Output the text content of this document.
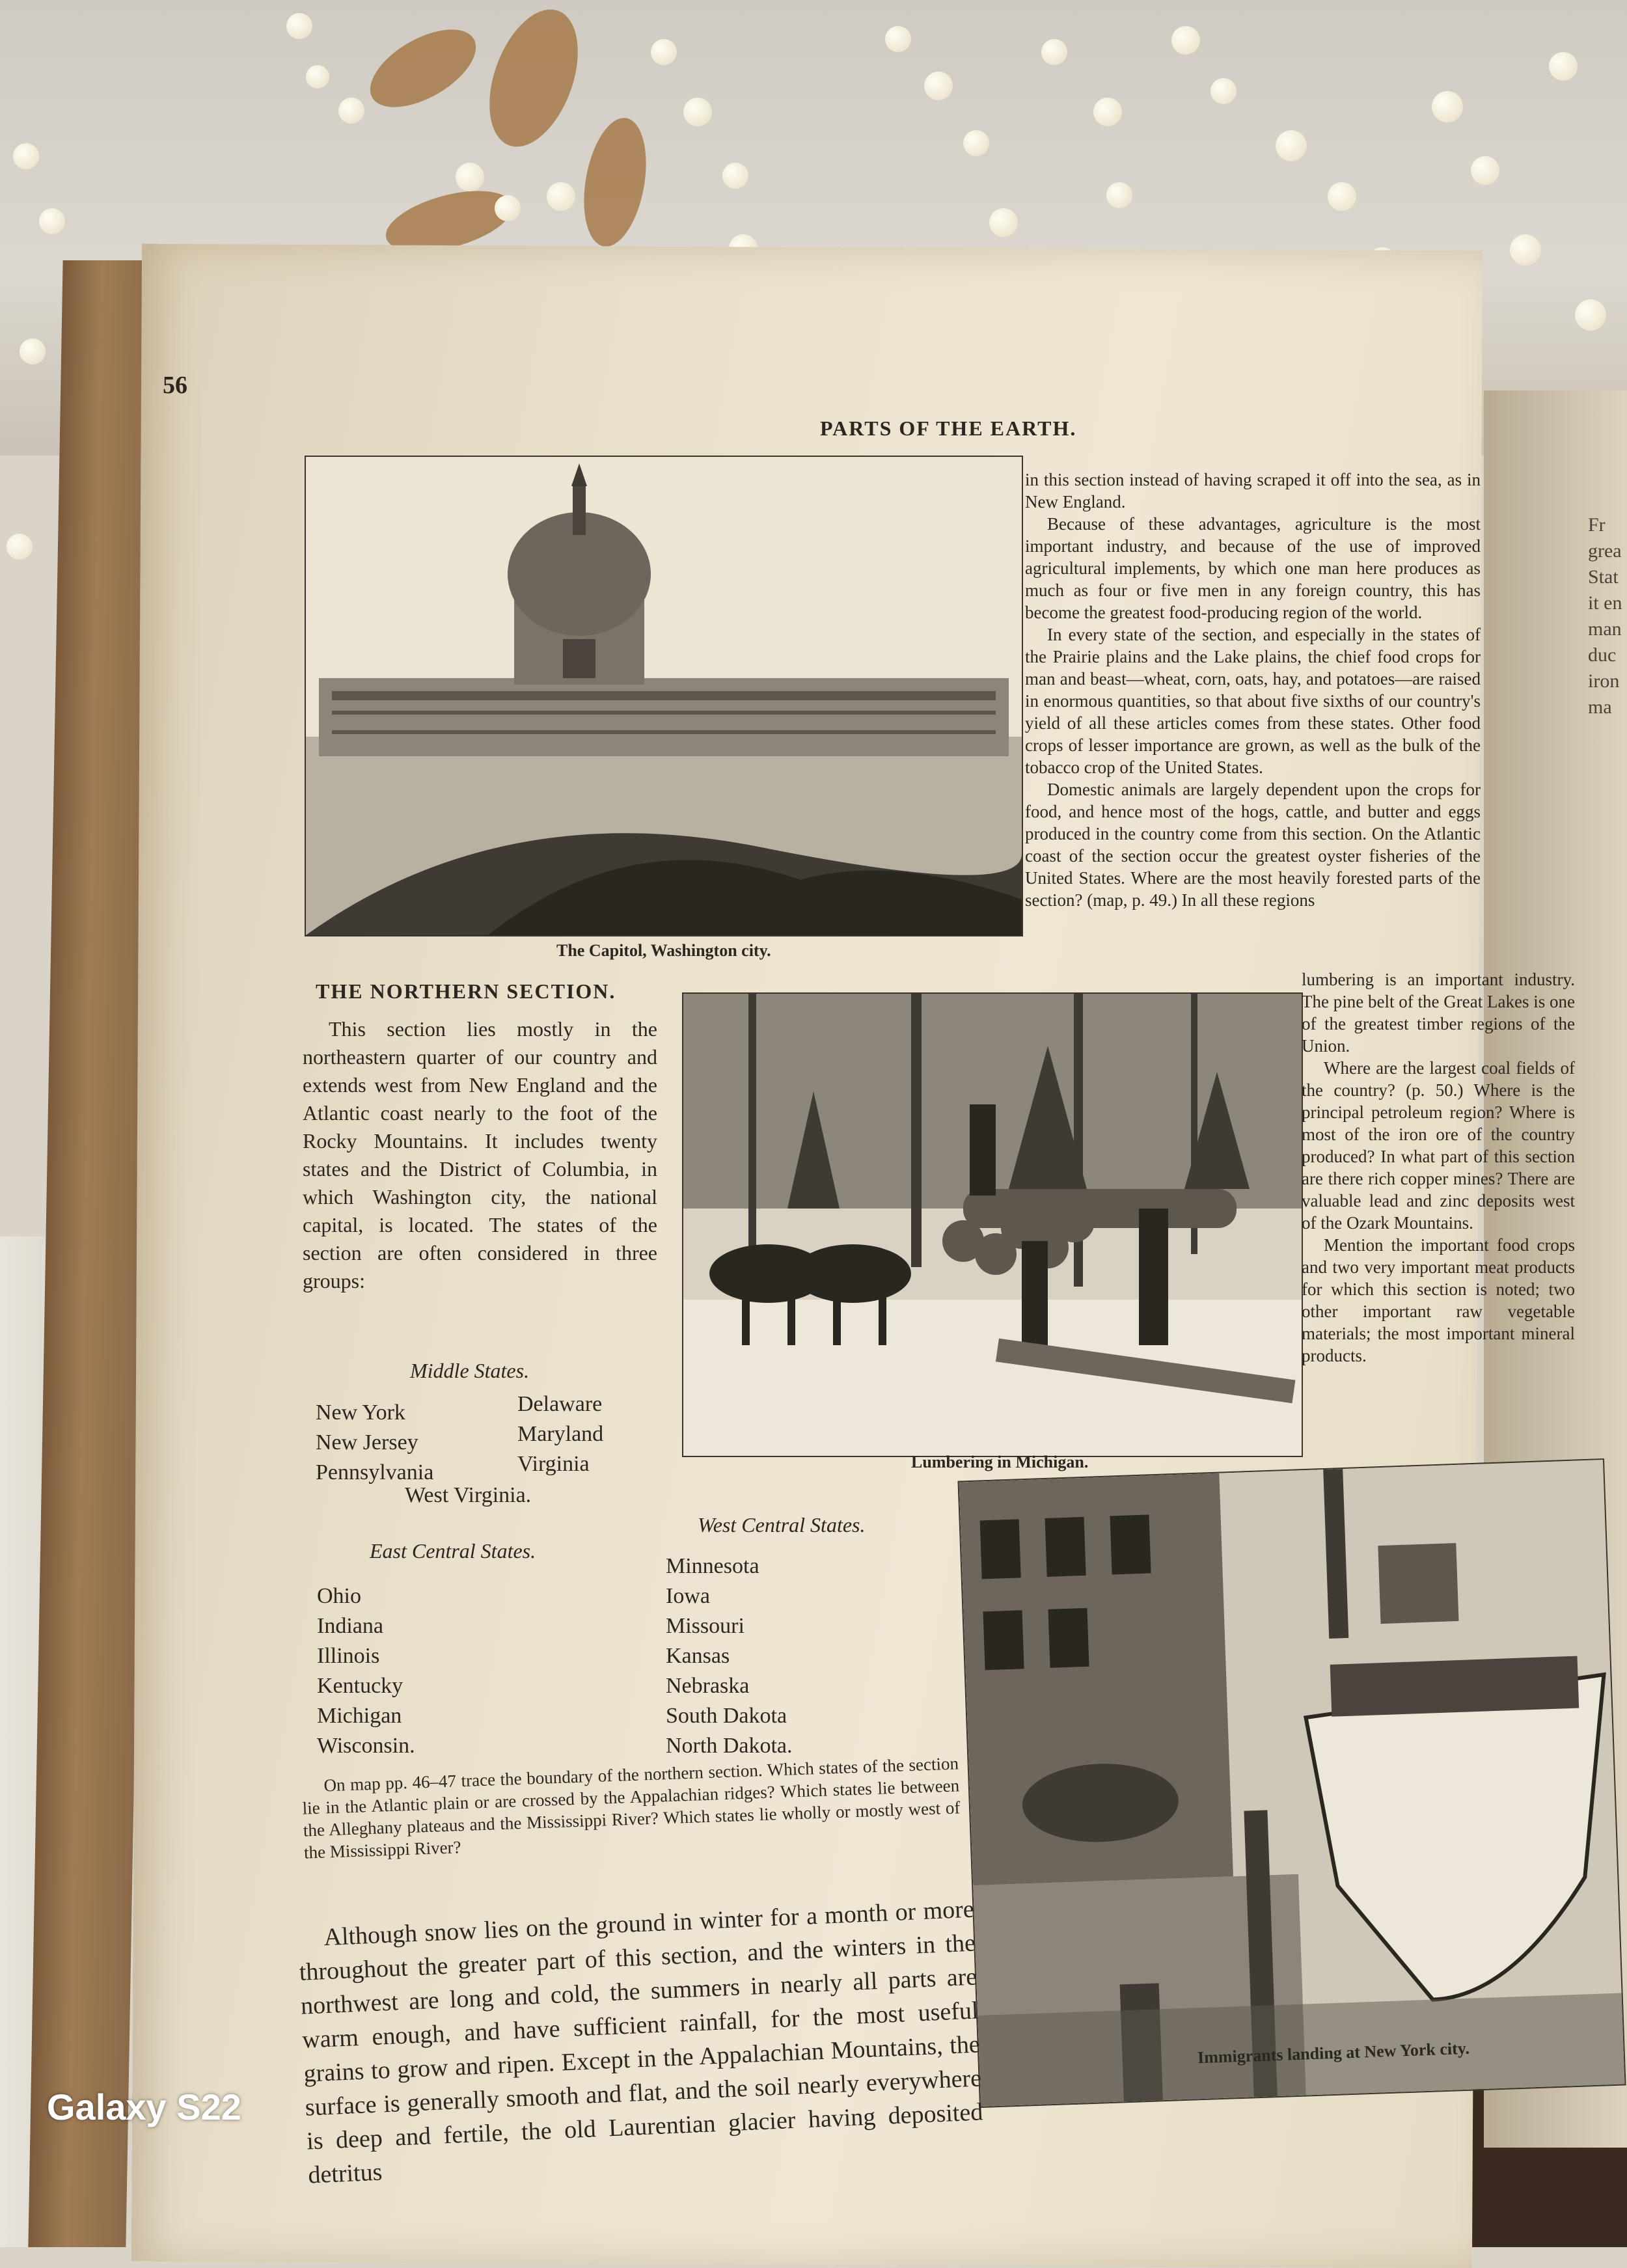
Fr
grea
Stat
it en
man
duc
iron
ma
56
PARTS OF THE EARTH.
The Capitol, Washington city.

in this section instead of having scraped it off into the sea, as in New England.

Because of these advantages, agriculture is the most important industry, and because of the use of improved agricultural implements, by which one man here produces as much as four or five men in any foreign country, this has become the greatest food-producing region of the world.

In every state of the section, and especially in the states of the Prairie plains and the Lake plains, the chief food crops for man and beast—wheat, corn, oats, hay, and potatoes—are raised in enormous quantities, so that about five sixths of our country's yield of all these articles comes from these states. Other food crops of lesser importance are grown, as well as the bulk of the tobacco crop of the United States.

Domestic animals are largely dependent upon the crops for food, and hence most of the hogs, cattle, and butter and eggs produced in the country come from this section. On the Atlantic coast of the section occur the greatest oyster fisheries of the United States. Where are the most heavily forested parts of the section? (map, p. 49.) In all these regions

THE NORTHERN SECTION.

This section lies mostly in the northeastern quarter of our country and extends west from New England and the Atlantic coast nearly to the foot of the Rocky Mountains. It includes twenty states and the District of Columbia, in which Washington city, the national capital, is located. The states of the section are often considered in three groups:

Lumbering in Michigan.

lumbering is an important industry. The pine belt of the Great Lakes is one of the greatest timber regions of the Union.

Where are the largest coal fields of the country? (p. 50.) Where is the principal petroleum region? Where is most of the iron ore of the country produced? In what part of this section are there rich copper mines? There are valuable lead and zinc deposits west of the Ozark Mountains.

Mention the important food crops and two very important meat products for which this section is noted; two other important raw vegetable materials; the most important mineral products.

Middle States.
New York
New Jersey
Pennsylvania
Delaware
Maryland
Virginia
West Virginia.
East Central States.
Ohio
Indiana
Illinois
Kentucky
Michigan
Wisconsin.
West Central States.
Minnesota
Iowa
Missouri
Kansas
Nebraska
South Dakota
North Dakota.
Immigrants landing at New York city.

On map pp. 46–47 trace the boundary of the northern section. Which states of the section lie in the Atlantic plain or are crossed by the Appalachian ridges? Which states lie between the Alleghany plateaus and the Mississippi River? Which states lie wholly or mostly west of the Mississippi River?

Although snow lies on the ground in winter for a month or more throughout the greater part of this section, and the winters in the northwest are long and cold, the summers in nearly all parts are warm enough, and have sufficient rainfall, for the most useful grains to grow and ripen. Except in the Appalachian Mountains, the surface is generally smooth and flat, and the soil nearly everywhere is deep and fertile, the old Laurentian glacier having deposited detritus

Galaxy S22
